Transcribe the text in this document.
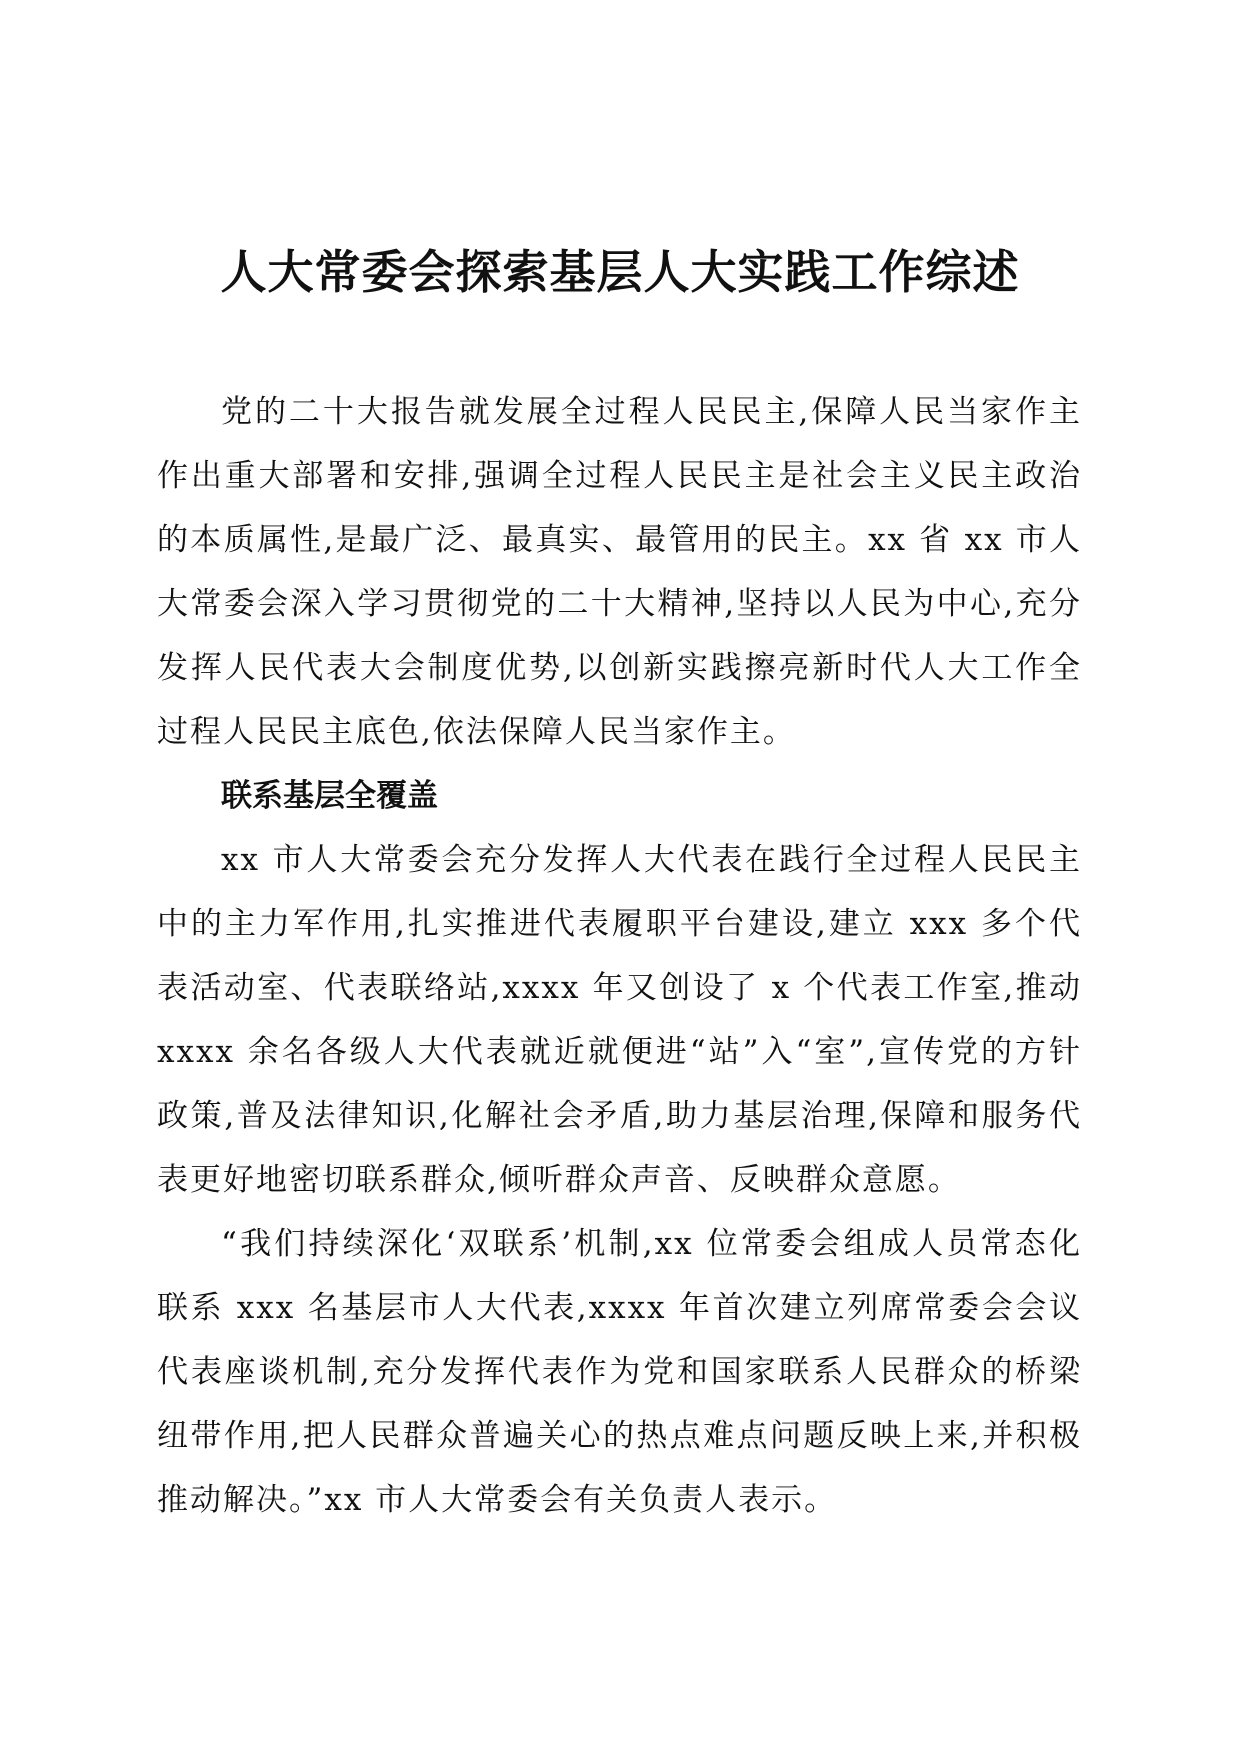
人大常委会探索基层人大实践工作综述

党的二十大报告就发展全过程人民民主,保障人民当家作主作出重大部署和安排,强调全过程人民民主是社会主义民主政治的本质属性,是最广泛、最真实、最管用的民主。xx 省 xx 市人大常委会深入学习贯彻党的二十大精神,坚持以人民为中心,充分发挥人民代表大会制度优势,以创新实践擦亮新时代人大工作全过程人民民主底色,依法保障人民当家作主。

联系基层全覆盖

xx 市人大常委会充分发挥人大代表在践行全过程人民民主中的主力军作用,扎实推进代表履职平台建设,建立 xxx 多个代表活动室、代表联络站,xxxx 年又创设了 x 个代表工作室,推动 xxxx 余名各级人大代表就近就便进“站”入“室”,宣传党的方针政策,普及法律知识,化解社会矛盾,助力基层治理,保障和服务代表更好地密切联系群众,倾听群众声音、反映群众意愿。

“我们持续深化‘双联系’机制,xx 位常委会组成人员常态化联系 xxx 名基层市人大代表,xxxx 年首次建立列席常委会会议代表座谈机制,充分发挥代表作为党和国家联系人民群众的桥梁纽带作用,把人民群众普遍关心的热点难点问题反映上来,并积极推动解决。”xx 市人大常委会有关负责人表示。
